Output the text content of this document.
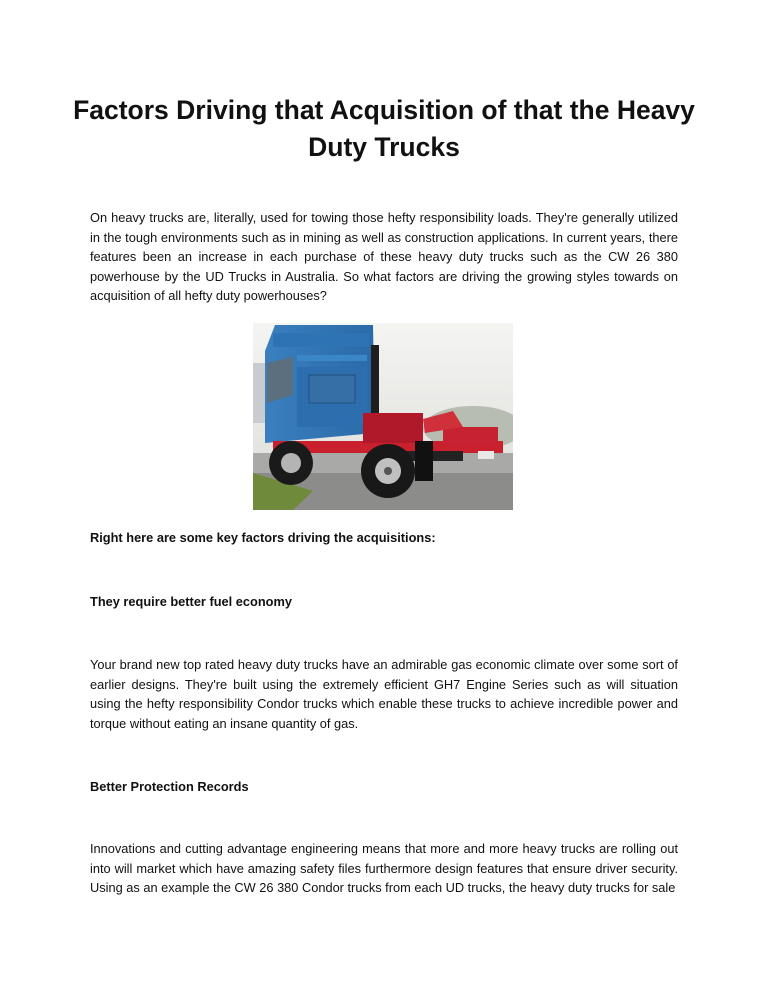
Factors Driving that Acquisition of that the Heavy Duty Trucks

On heavy trucks are, literally, used for towing those hefty responsibility loads. They're generally utilized in the tough environments such as in mining as well as construction applications. In current years, there features been an increase in each purchase of these heavy duty trucks such as the CW 26 380 powerhouse by the UD Trucks in Australia. So what factors are driving the growing styles towards on acquisition of all hefty duty powerhouses?

Right here are some key factors driving the acquisitions:

They require better fuel economy

Your brand new top rated heavy duty trucks have an admirable gas economic climate over some sort of earlier designs. They're built using the extremely efficient GH7 Engine Series such as will situation using the hefty responsibility Condor trucks which enable these trucks to achieve incredible power and torque without eating an insane quantity of gas.

Better Protection Records

Innovations and cutting advantage engineering means that more and more heavy trucks are rolling out into will market which have amazing safety files furthermore design features that ensure driver security. Using as an example the CW 26 380 Condor trucks from each UD trucks, the heavy duty trucks for sale
